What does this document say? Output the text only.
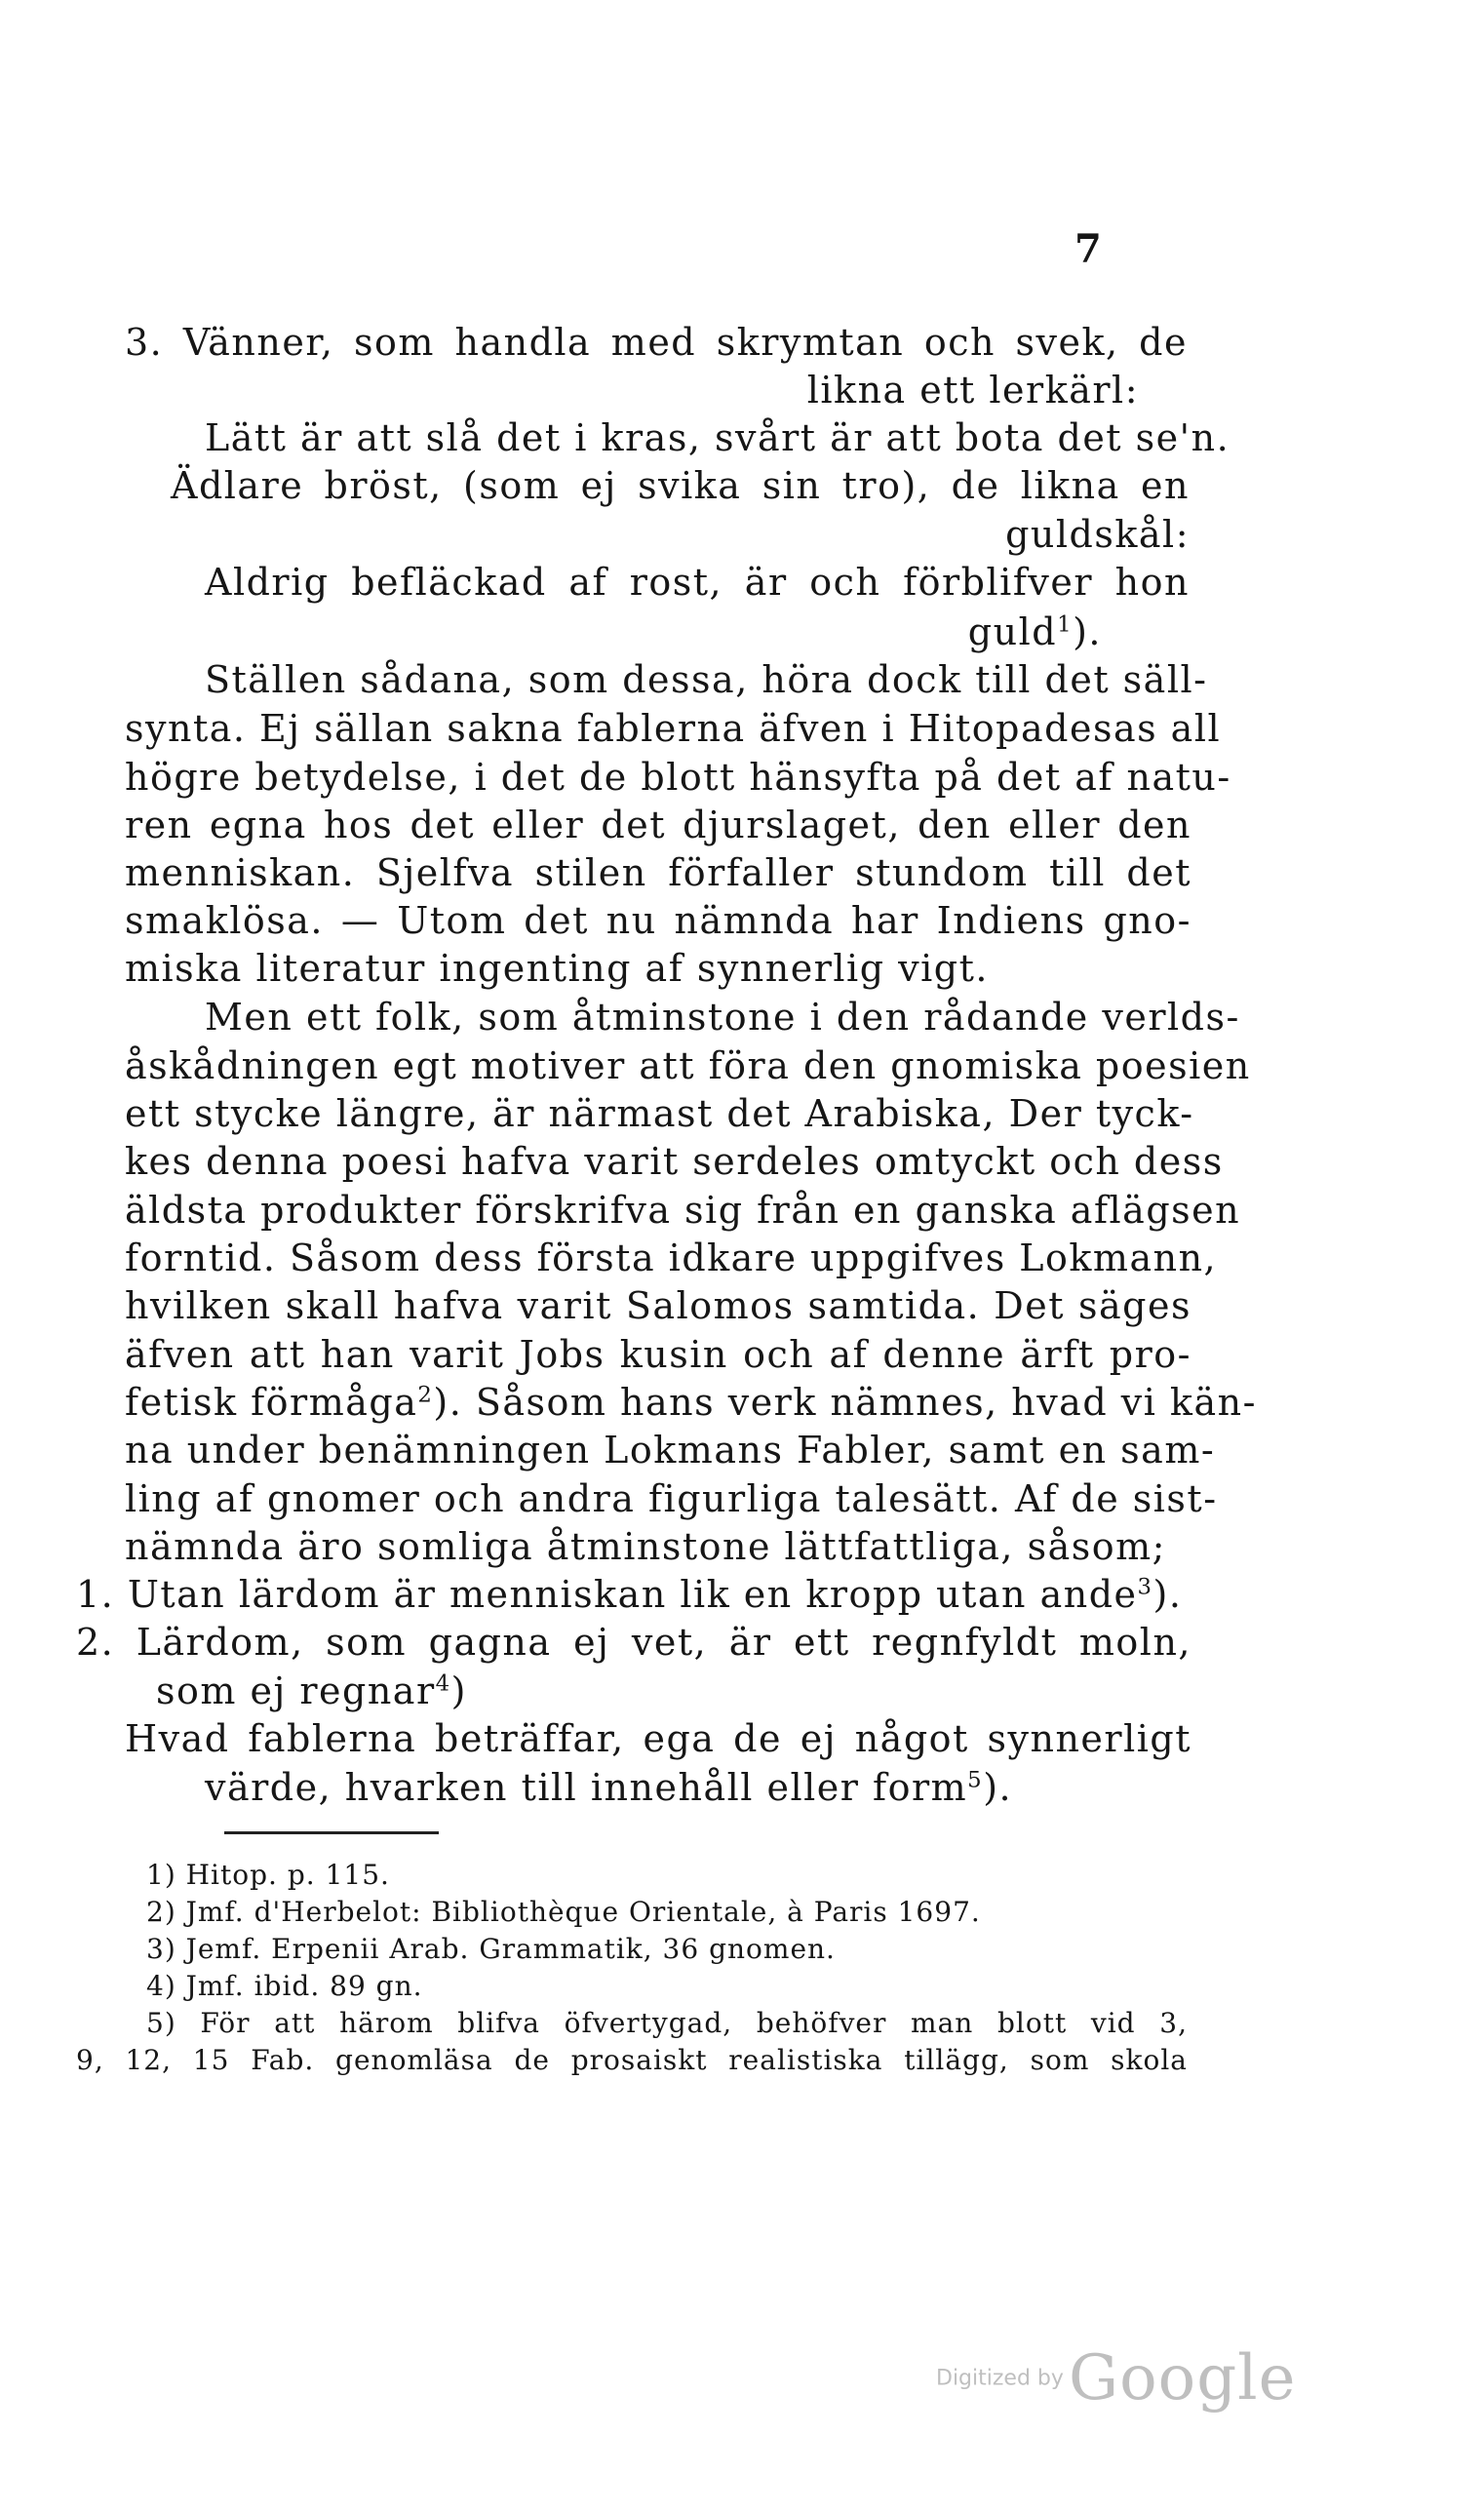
7
3. Vänner, som handla med skrymtan och svek, de
likna ett lerkärl:
Lätt är att slå det i kras, svårt är att bota det se'n.
Ädlare bröst, (som ej svika sin tro), de likna en
guldskål:
Aldrig befläckad af rost, är och förblifver hon
guld$^1$).
Ställen sådana, som dessa, höra dock till det säll-
synta. Ej sällan sakna fablerna äfven i Hitopadesas all
högre betydelse, i det de blott hänsyfta på det af natu-
ren egna hos det eller det djurslaget, den eller den
menniskan. Sjelfva stilen förfaller stundom till det
smaklösa. — Utom det nu nämnda har Indiens gno-
miska literatur ingenting af synnerlig vigt.
Men ett folk, som åtminstone i den rådande verlds-
åskådningen egt motiver att föra den gnomiska poesien
ett stycke längre, är närmast det Arabiska, Der tyck-
kes denna poesi hafva varit serdeles omtyckt och dess
äldsta produkter förskrifva sig från en ganska aflägsen
forntid. Såsom dess första idkare uppgifves Lokmann,
hvilken skall hafva varit Salomos samtida. Det säges
äfven att han varit Jobs kusin och af denne ärft pro-
fetisk förmåga$^2$). Såsom hans verk nämnes, hvad vi kän-
na under benämningen Lokmans Fabler, samt en sam-
ling af gnomer och andra figurliga talesätt. Af de sist-
nämnda äro somliga åtminstone lättfattliga, såsom;
1. Utan lärdom är menniskan lik en kropp utan ande$^3$).
2. Lärdom, som gagna ej vet, är ett regnfyldt moln,
som ej regnar$^4$)
Hvad fablerna beträffar, ega de ej något synnerligt
värde, hvarken till innehåll eller form$^5$).
1) Hitop. p. 115.
2) Jmf. d'Herbelot: Bibliothèque Orientale, à Paris 1697.
3) Jemf. Erpenii Arab. Grammatik, 36 gnomen.
4) Jmf. ibid. 89 gn.
5) För att härom blifva öfvertygad, behöfver man blott vid 3,
9, 12, 15 Fab. genomläsa de prosaiskt realistiska tillägg, som skola
Digitized by Google
